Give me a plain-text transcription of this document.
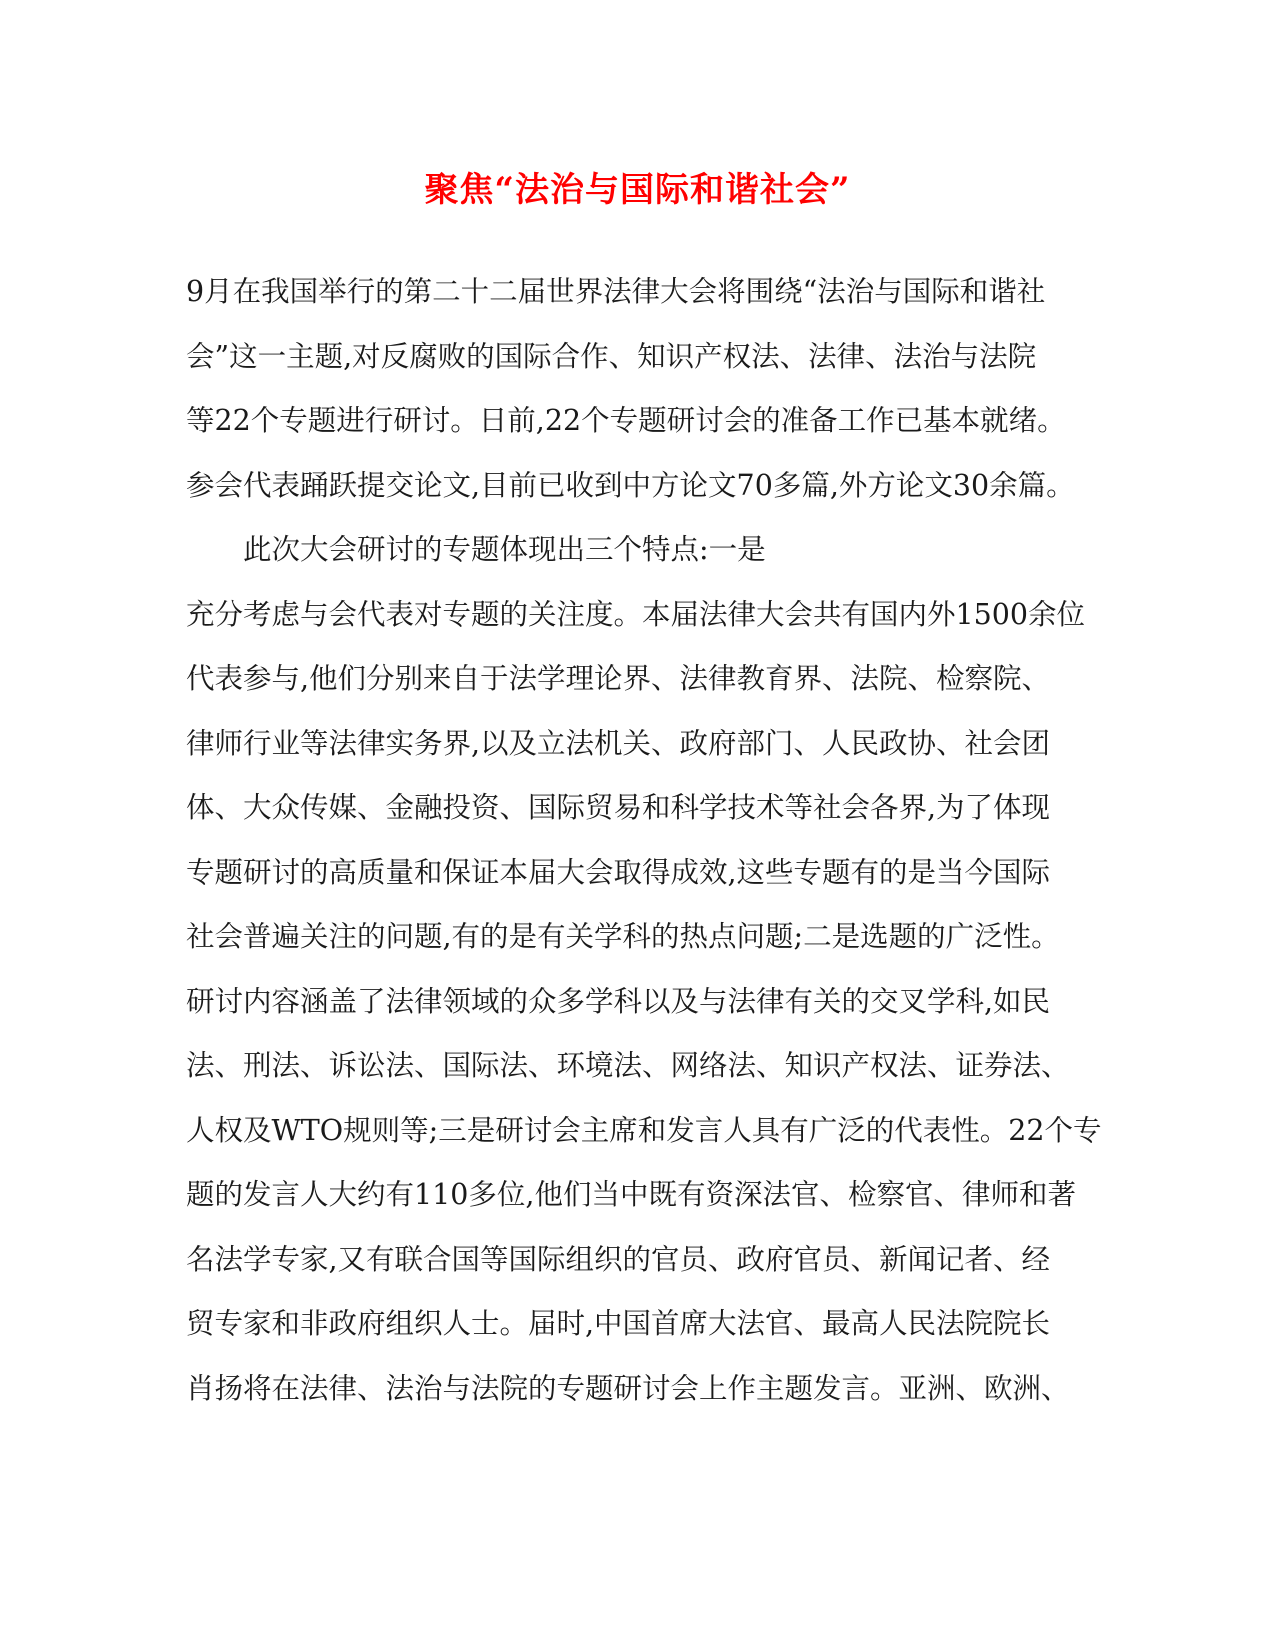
聚焦“法治与国际和谐社会”
9月在我国举行的第二十二届世界法律大会将围绕“法治与国际和谐社
会”这一主题,对反腐败的国际合作、知识产权法、法律、法治与法院
等22个专题进行研讨。日前,22个专题研讨会的准备工作已基本就绪。
参会代表踊跃提交论文,目前已收到中方论文70多篇,外方论文30余篇。
此次大会研讨的专题体现出三个特点:一是
充分考虑与会代表对专题的关注度。本届法律大会共有国内外1500余位
代表参与,他们分别来自于法学理论界、法律教育界、法院、检察院、
律师行业等法律实务界,以及立法机关、政府部门、人民政协、社会团
体、大众传媒、金融投资、国际贸易和科学技术等社会各界,为了体现
专题研讨的高质量和保证本届大会取得成效,这些专题有的是当今国际
社会普遍关注的问题,有的是有关学科的热点问题;二是选题的广泛性。
研讨内容涵盖了法律领域的众多学科以及与法律有关的交叉学科,如民
法、刑法、诉讼法、国际法、环境法、网络法、知识产权法、证券法、
人权及WTO规则等;三是研讨会主席和发言人具有广泛的代表性。22个专
题的发言人大约有110多位,他们当中既有资深法官、检察官、律师和著
名法学专家,又有联合国等国际组织的官员、政府官员、新闻记者、经
贸专家和非政府组织人士。届时,中国首席大法官、最高人民法院院长
肖扬将在法律、法治与法院的专题研讨会上作主题发言。亚洲、欧洲、
